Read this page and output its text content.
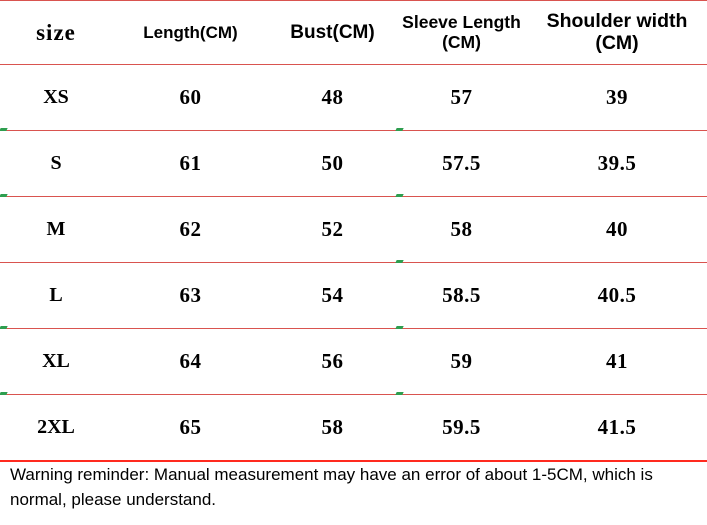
size	Length(CM)	Bust(CM)	Sleeve Length (CM)	Shoulder width (CM)
XS	60	48	57	39
S	61	50	57.5	39.5
M	62	52	58	40
L	63	54	58.5	40.5
XL	64	56	59	41
2XL	65	58	59.5	41.5
Warning reminder: Manual measurement may have an error of about 1-5CM, which is normal, please understand.
